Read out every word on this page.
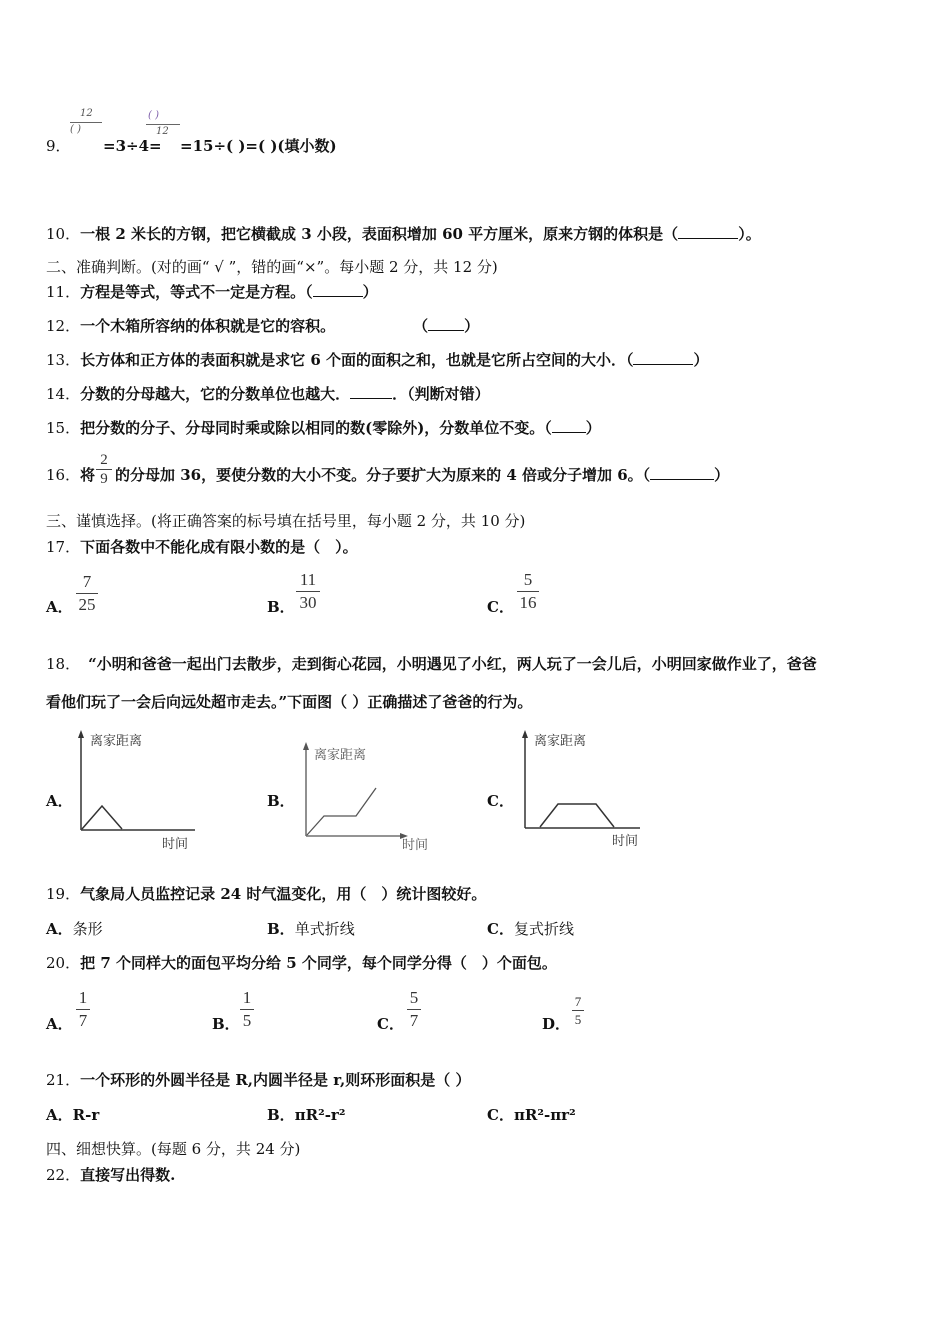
9．
12
( )
=3÷4=
( )
12
=15÷( )=( )(填小数)
10．一根 2 米长的方钢，把它横截成 3 小段，表面积增加 60 平方厘米，原来方钢的体积是（	）。
二、准确判断。(对的画“ √ ”，错的画“×”。每小题 2 分，共 12 分)
11．方程是等式，等式不一定是方程。（	）
12．一个木箱所容纳的体积就是它的容积。	（ ）
13．长方体和正方体的表面积就是求它 6 个面的面积之和，也就是它所占空间的大小．（	）
14．分数的分母越大，它的分数单位也越大．	．（判断对错）
15．把分数的分子、分母同时乘或除以相同的数(零除外)，分数单位不变。（ ）
16． 将
2
9 的分母加 36，要使分数的大小不变。分子要扩大为原来的 4 倍或分子增加 6。（	）
三、谨慎选择。(将正确答案的标号填在括号里，每小题 2 分，共 10 分)
17．下面各数中不能化成有限小数的是（　）。
A．
7
25	B．
11
30	C．
5
16
18． “小明和爸爸一起出门去散步，走到街心花园，小明遇见了小红，两人玩了一会儿后，小明回家做作业了，爸爸
看他们玩了一会后向远处超市走去。”下面图（ ）正确描述了爸爸的行为。
A．
离家距离
时间
B．
离家距离
时间
C．
离家距离
时间
19．气象局人员监控记录 24 时气温变化，用（　）统计图较好。
A．条形	B．单式折线	C．复式折线
20．把 7 个同样大的面包平均分给 5 个同学，每个同学分得（　）个面包。
A．
1
7	B．
1
5	C．
5
7	D．
7
5
21．一个环形的外圆半径是 R,内圆半径是 r,则环形面积是（ ）
A．R-r	B．πR²-r²	C．πR²-πr²
四、细想快算。(每题 6 分，共 24 分)
22．直接写出得数.
